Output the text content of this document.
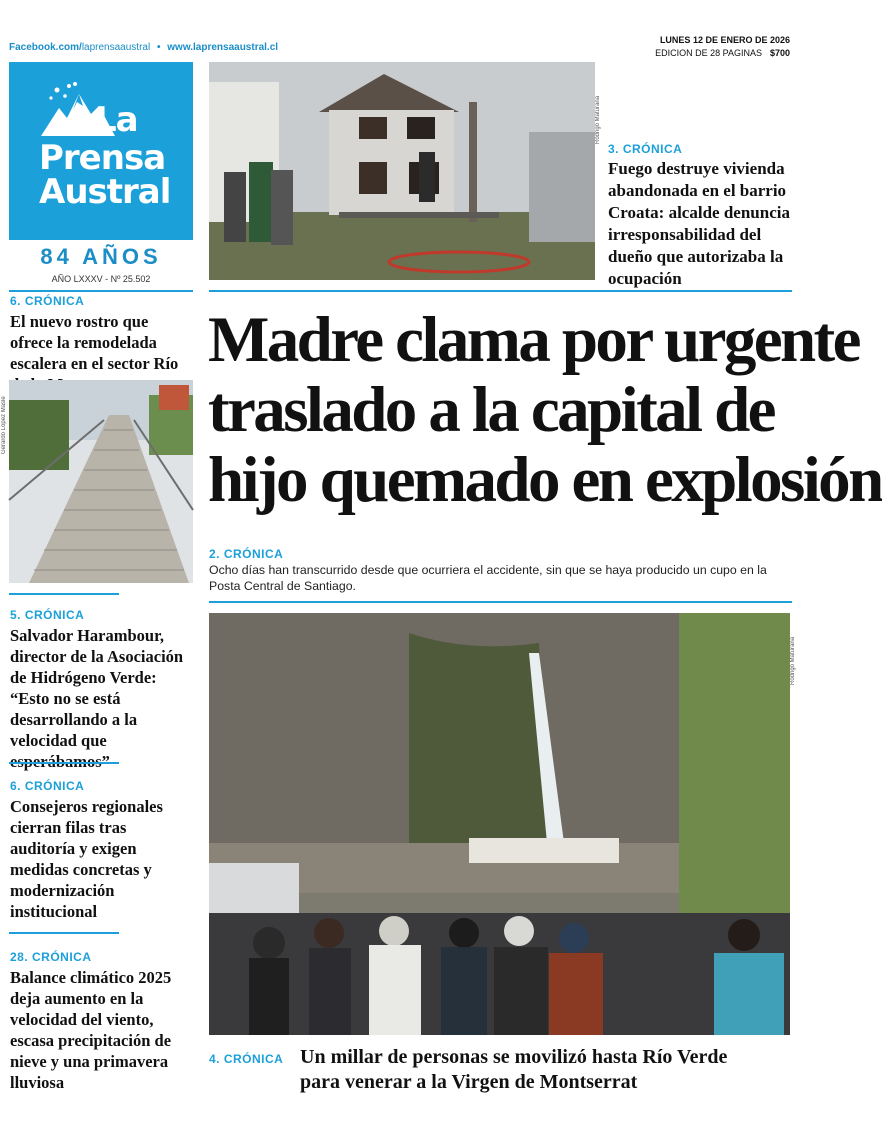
Facebook.com/laprensaaustral • www.laprensaaustral.cl
LUNES 12 DE ENERO DE 2026
EDICION DE 28 PAGINAS $700
La
Prensa
Austral
84 AÑOS
AÑO LXXXV - Nº 25.502
Rodrigo Maturana
3. CRÓNICA
Fuego destruye vivienda abandonada en el barrio Croata: alcalde denuncia irresponsabilidad del dueño que autorizaba la ocupación
Madre clama por urgente
traslado a la capital de
hijo quemado en explosión
2. CRÓNICA
Ocho días han transcurrido desde que ocurriera el accidente, sin que se haya producido un cupo en la Posta Central de Santiago.
Rodrigo Maturana
4. CRÓNICA Un millar de personas se movilizó hasta Río Verde
para venerar a la Virgen de Montserrat
6. CRÓNICA
El nuevo rostro que ofrece la remodelada escalera en el sector Río
Gerardo López Masle
5. CRÓNICA
Salvador Harambour, director de la Asociación de Hidrógeno Verde: “Esto no se está desarrollando a la velocidad que
6. CRÓNICA
Consejeros regionales cierran filas tras auditoría y exigen medidas concretas y modernización institucional
28. CRÓNICA
Balance climático 2025 deja aumento en la velocidad del viento, escasa precipitación de nieve y una primavera lluviosa
